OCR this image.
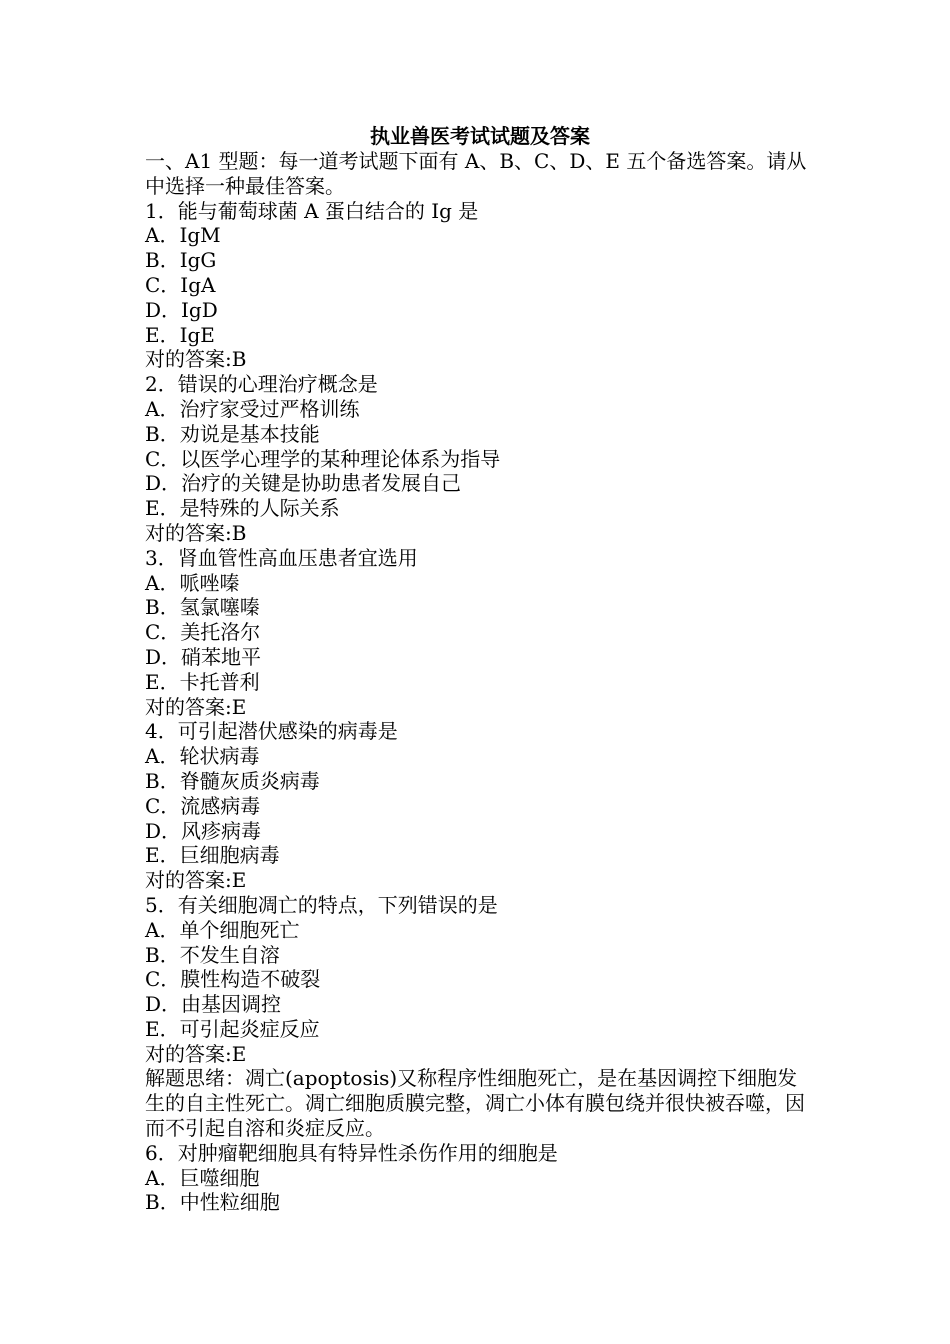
执业兽医考试试题及答案
一、A1 型题：每一道考试题下面有 A、B、C、D、E 五个备选答案。请从中选择一种最佳答案。
1．能与葡萄球菌 A 蛋白结合的 Ig 是
A．IgM
B．IgG
C．IgA
D．IgD
E．IgE
对的答案:B
2．错误的心理治疗概念是
A．治疗家受过严格训练
B．劝说是基本技能
C．以医学心理学的某种理论体系为指导
D．治疗的关键是协助患者发展自己
E．是特殊的人际关系
对的答案:B
3．肾血管性高血压患者宜选用
A．哌唑嗪
B．氢氯噻嗪
C．美托洛尔
D．硝苯地平
E．卡托普利
对的答案:E
4．可引起潜伏感染的病毒是
A．轮状病毒
B．脊髓灰质炎病毒
C．流感病毒
D．风疹病毒
E．巨细胞病毒
对的答案:E
5．有关细胞凋亡的特点，下列错误的是
A．单个细胞死亡
B．不发生自溶
C．膜性构造不破裂
D．由基因调控
E．可引起炎症反应
对的答案:E
解题思绪：凋亡(apoptosis)又称程序性细胞死亡，是在基因调控下细胞发生的自主性死亡。凋亡细胞质膜完整，凋亡小体有膜包绕并很快被吞噬，因而不引起自溶和炎症反应。
6．对肿瘤靶细胞具有特异性杀伤作用的细胞是
A．巨噬细胞
B．中性粒细胞
